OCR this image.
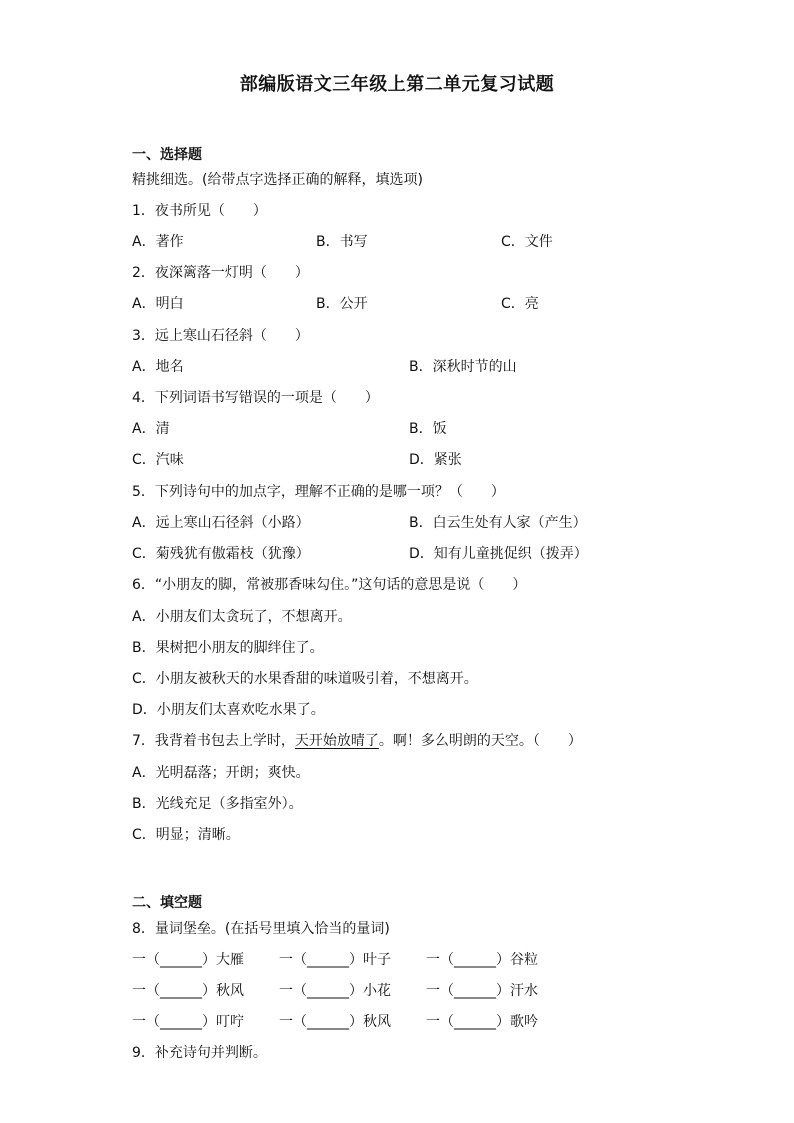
部编版语文三年级上第二单元复习试题
一、选择题
精挑细选。(给带点字选择正确的解释，填选项)
1．夜书所见（　　）
A．著作	B．书写	C．文件
2．夜深篱落一灯明（　　）
A．明白	B．公开	C．亮
3．远上寒山石径斜（　　）
A．地名	B．深秋时节的山
4．下列词语书写错误的一项是（　　）
A．清	B．饭
C．汽味	D．紧张
5．下列诗句中的加点字，理解不正确的是哪一项？（　　）
A．远上寒山石径斜（小路）	B．白云生处有人家（产生）
C．菊残犹有傲霜枝（犹豫）	D．知有儿童挑促织（拨弄）
6．“小朋友的脚，常被那香味勾住。”这句话的意思是说（　　）
A．小朋友们太贪玩了，不想离开。
B．果树把小朋友的脚绊住了。
C．小朋友被秋天的水果香甜的味道吸引着，不想离开。
D．小朋友们太喜欢吃水果了。
7．我背着书包去上学时，天开始放晴了。啊！多么明朗的天空。（　　）
A．光明磊落；开朗；爽快。
B．光线充足（多指室外）。
C．明显；清晰。
二、填空题
8．量词堡垒。(在括号里填入恰当的量词)
一（______）大雁	一（______）叶子	一（______）谷粒
一（______）秋风	一（______）小花	一（______）汗水
一（______）叮咛	一（______）秋风	一（______）歌吟
9．补充诗句并判断。
